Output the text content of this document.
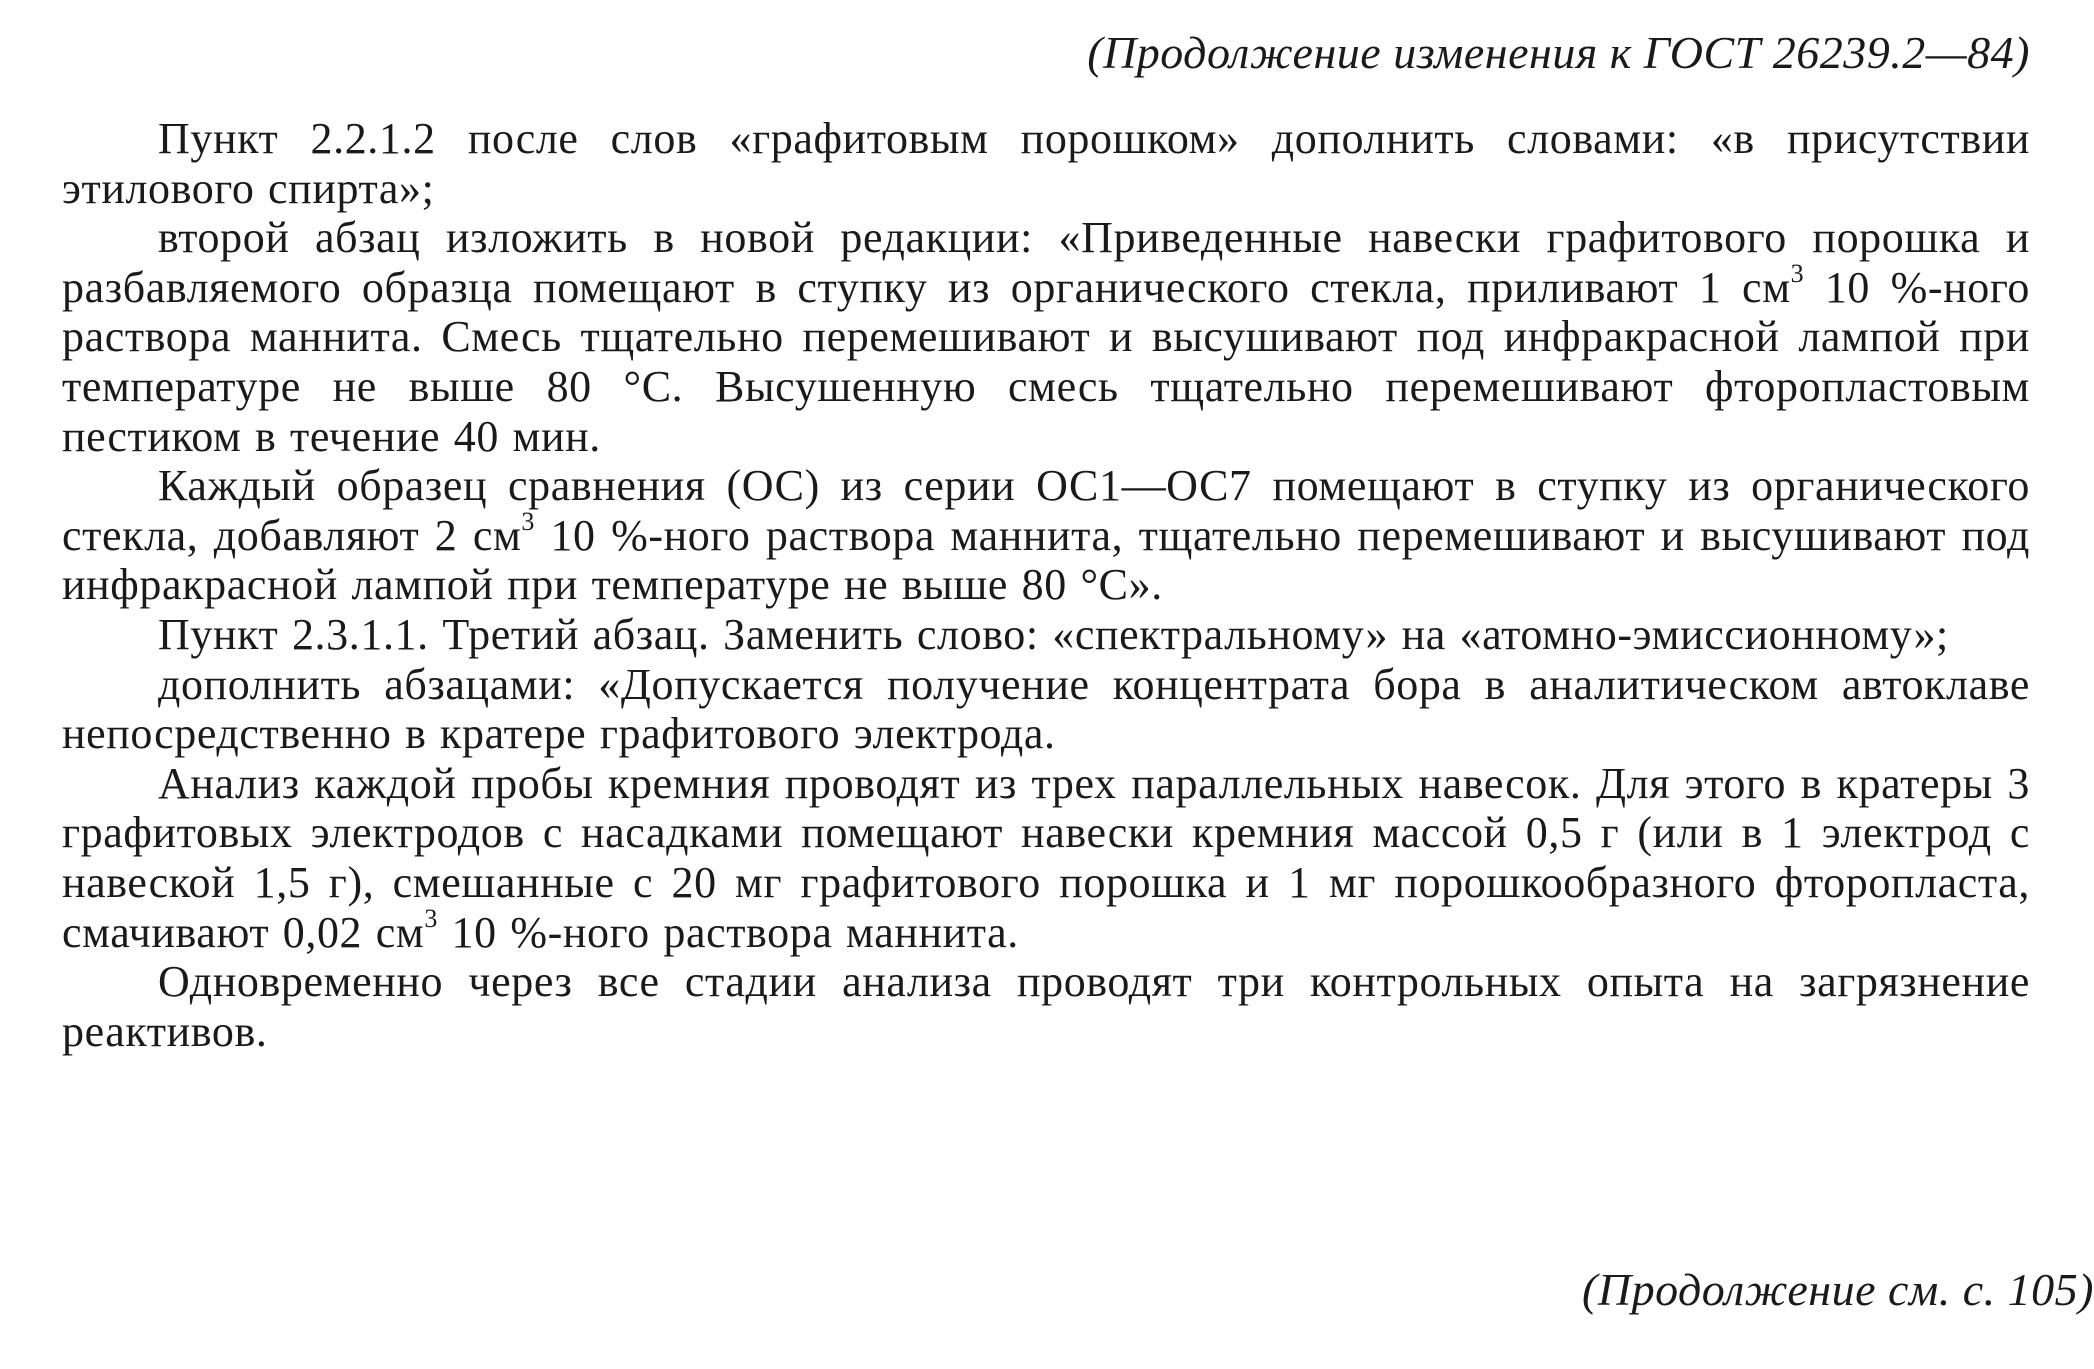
(Продолжение изменения к ГОСТ 26239.2—84)

Пункт 2.2.1.2 после слов «графитовым порошком» дополнить словами: «в присутствии этилового спирта»;

второй абзац изложить в новой редакции: «Приведенные навески графитового порошка и разбавляемого образца помещают в ступку из органического стекла, приливают 1 $см^3$ 10 %-ного раствора маннита. Смесь тщательно перемешивают и высушивают под инфракрасной лампой при температуре не выше 80 °С. Высушенную смесь тщательно перемешивают фторопластовым пестиком в течение 40 мин.

Каждый образец сравнения (ОС) из серии ОС1—ОС7 помещают в ступку из органического стекла, добавляют 2 $см^3$ 10 %-ного раствора маннита, тщательно перемешивают и высушивают под инфракрасной лампой при температуре не выше 80 °С».

Пункт 2.3.1.1. Третий абзац. Заменить слово: «спектральному» на «атомно-эмиссионному»;

дополнить абзацами: «Допускается получение концентрата бора в аналитическом автоклаве непосредственно в кратере графитового электрода.

Анализ каждой пробы кремния проводят из трех параллельных навесок. Для этого в кратеры 3 графитовых электродов с насадками помещают навески кремния массой 0,5 г (или в 1 электрод с навеской 1,5 г), смешанные с 20 мг графитового порошка и 1 мг порошкообразного фторопласта, смачивают 0,02 $см^3$ 10 %-ного раствора маннита.

Одновременно через все стадии анализа проводят три контрольных опыта на загрязнение реактивов.

(Продолжение см. с. 105)
